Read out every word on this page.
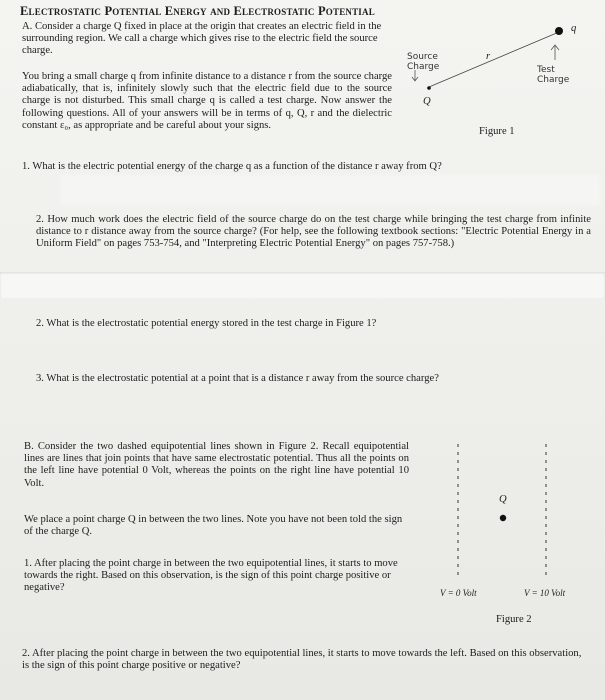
Electrostatic Potential Energy and Electrostatic Potential
A. Consider a charge Q fixed in place at the origin that creates an electric field in the surrounding region. We call a charge which gives rise to the electric field the source charge.
You bring a small charge q from infinite distance to a distance r from the source charge adiabatically, that is, infinitely slowly such that the electric field due to the source charge is not disturbed. This small charge q is called a test charge. Now answer the following questions. All of your answers will be in terms of q, Q, r and the dielectric constant ε₀, as appropriate and be careful about your signs.
Source Charge	Test Charge
Q
q
r
Figure 1
1. What is the electric potential energy of the charge q as a function of the distance r away from Q?
2. How much work does the electric field of the source charge do on the test charge while bringing the test charge from infinite distance to r distance away from the source charge? (For help, see the following textbook sections: "Electric Potential Energy in a Uniform Field" on pages 753-754, and "Interpreting Electric Potential Energy" on pages 757-758.)
2. What is the electrostatic potential energy stored in the test charge in Figure 1?
3. What is the electrostatic potential at a point that is a distance r away from the source charge?
B. Consider the two dashed equipotential lines shown in Figure 2. Recall equipotential lines are lines that join points that have same electrostatic potential. Thus all the points on the left line have potential 0 Volt, whereas the points on the right line have potential 10 Volt.
We place a point charge Q in between the two lines. Note you have not been told the sign of the charge Q.
1. After placing the point charge in between the two equipotential lines, it starts to move towards the right. Based on this observation, is the sign of this point charge positive or negative?
Q
V = 0 Volt	V = 10 Volt
Figure 2
2. After placing the point charge in between the two equipotential lines, it starts to move towards the left. Based on this observation, is the sign of this point charge positive or negative?
